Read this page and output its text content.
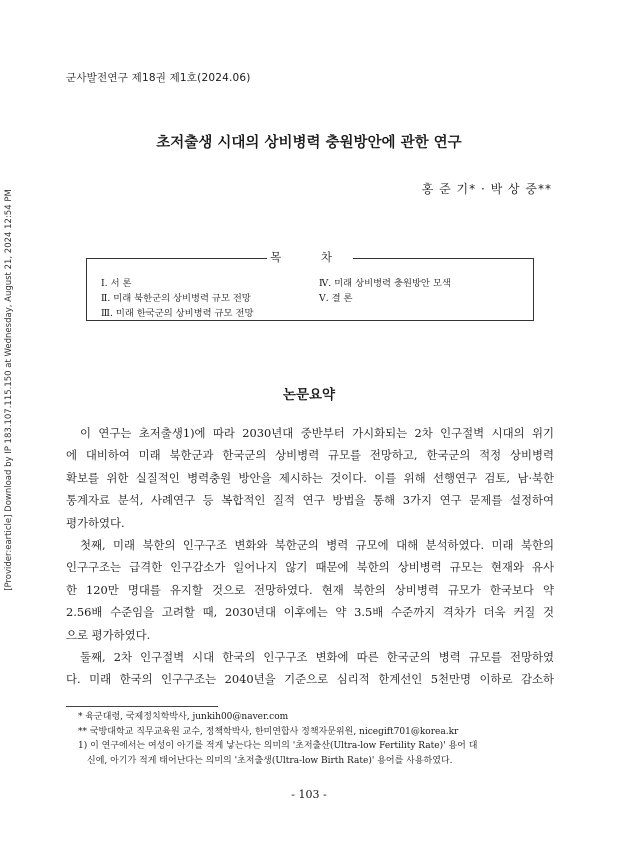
[Provider:earticle] Download by IP 183.107.115.150 at Wednesday, August 21, 2024 12:54 PM
군사발전연구 제18권 제1호(2024.06)
초저출생 시대의 상비병력 충원방안에 관한 연구
홍 준 기* · 박 상 중**
목 차
Ⅰ. 서 론	Ⅳ. 미래 상비병력 충원방안 모색
Ⅱ. 미래 북한군의 상비병력 규모 전망	Ⅴ. 결 론
Ⅲ. 미래 한국군의 상비병력 규모 전망
논문요약

이 연구는 초저출생1)에 따라 2030년대 중반부터 가시화되는 2차 인구절벽 시대의 위기

에 대비하여 미래 북한군과 한국군의 상비병력 규모를 전망하고, 한국군의 적정 상비병력

확보를 위한 실질적인 병력충원 방안을 제시하는 것이다. 이를 위해 선행연구 검토, 남·북한

통계자료 분석, 사례연구 등 복합적인 질적 연구 방법을 통해 3가지 연구 문제를 설정하여

평가하였다.

첫째, 미래 북한의 인구구조 변화와 북한군의 병력 규모에 대해 분석하였다. 미래 북한의

인구구조는 급격한 인구감소가 일어나지 않기 때문에 북한의 상비병력 규모는 현재와 유사

한 120만 명대를 유지할 것으로 전망하였다. 현재 북한의 상비병력 규모가 한국보다 약

2.56배 수준임을 고려할 때, 2030년대 이후에는 약 3.5배 수준까지 격차가 더욱 커질 것

으로 평가하였다.

둘째, 2차 인구절벽 시대 한국의 인구구조 변화에 따른 한국군의 병력 규모를 전망하였

다. 미래 한국의 인구구조는 2040년을 기준으로 심리적 한계선인 5천만명 이하로 감소하

* 육군대령, 국제정치학박사, junkih00@naver.com
** 국방대학교 직무교육원 교수, 정책학박사, 한미연합사 정책자문위원, nicegift701@korea.kr
1) 이 연구에서는 여성이 아기를 적게 낳는다는 의미의 '초저출산(Ultra-low Fertility Rate)' 용어 대
신에, 아기가 적게 태어난다는 의미의 '초저출생(Ultra-low Birth Rate)' 용어를 사용하였다.
- 103 -
